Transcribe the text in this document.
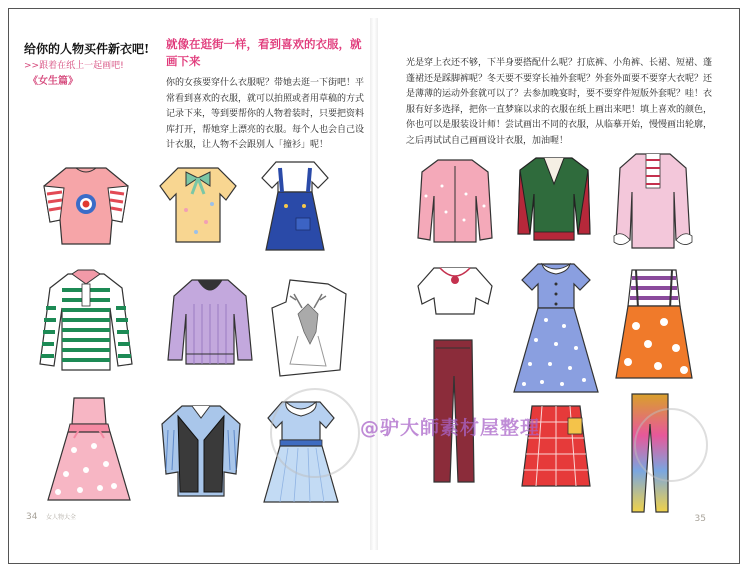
给你的人物买件新衣吧!
>>跟着在纸上一起画吧!
《女生篇》
就像在逛街一样，看到喜欢的衣服，就画下来
你的女孩要穿什么衣服呢？带她去逛一下街吧！平常看到喜欢的衣服，就可以拍照或者用草稿的方式记录下来，等到要帮你的人物着装时，只要把资料库打开，帮她穿上漂亮的衣服。每个人也会自己设计衣服，让人物不会跟别人「撞衫」呢！
女人物大全
34
光是穿上衣还不够，下半身要搭配什么呢？打底裤、小角裤、长裙、短裙、蓬蓬裙还是踩脚裤呢？冬天要不要穿长袖外套呢？外套外面要不要穿大衣呢？还是薄薄的运动外套就可以了？去参加晚宴时，要不要穿件短版外套呢？哇！衣服有好多选择，把你一直梦寐以求的衣服在纸上画出来吧！填上喜欢的颜色，你也可以是服装设计师！尝试画出不同的衣服，从临摹开始，慢慢画出轮廓，之后再试试自己画画设计衣服，加油喔！
35
@驴大師素材屋整理
